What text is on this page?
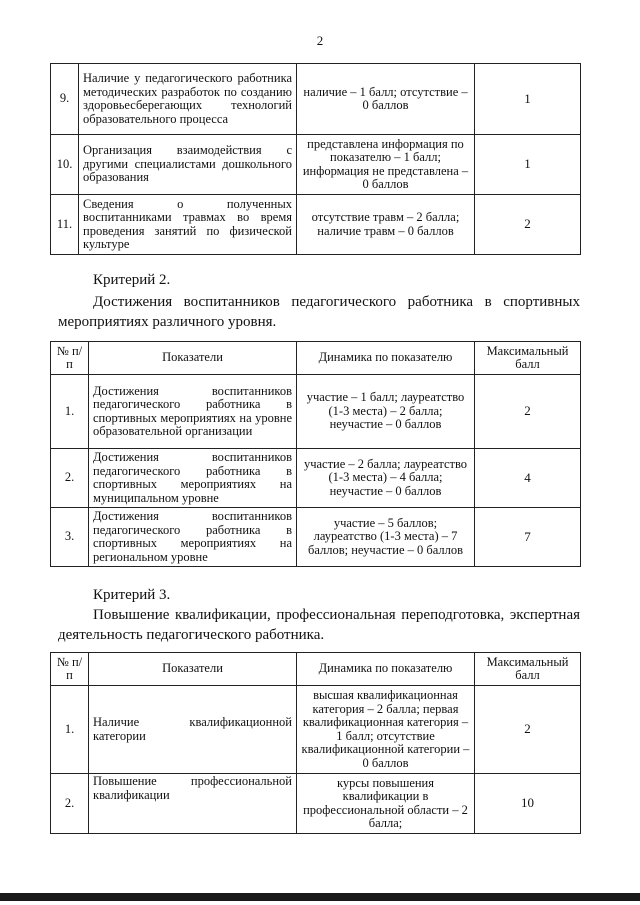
2
9.	Наличие у педагогического работника методических разработок по созданию здоровьесберегающих технологий образовательного процесса	наличие – 1 балл; отсутствие – 0 баллов	1
10.	Организация взаимодействия с другими специалистами дошкольного образования	представлена информация по показателю – 1 балл; информация не представлена – 0 баллов	1
11.	Сведения о полученных воспитанниками травмах во время проведения занятий по физической культуре	отсутствие травм – 2 балла; наличие травм – 0 баллов	2
Критерий 2.
Достижения воспитанников педагогического работника в спортивных мероприятиях различного уровня.
№ п/п	Показатели	Динамика по показателю	Максимальный балл
1.	Достижения воспитанников педагогического работника в спортивных мероприятиях на уровне образовательной организации	участие – 1 балл; лауреатство (1-3 места) – 2 балла; неучастие – 0 баллов	2
2.	Достижения воспитанников педагогического работника в спортивных мероприятиях на муниципальном уровне	участие – 2 балла; лауреатство (1-3 места) – 4 балла; неучастие – 0 баллов	4
3.	Достижения воспитанников педагогического работника в спортивных мероприятиях на региональном уровне	участие – 5 баллов; лауреатство (1-3 места) – 7 баллов; неучастие – 0 баллов	7
Критерий 3.
Повышение квалификации, профессиональная переподготовка, экспертная деятельность педагогического работника.
№ п/п	Показатели	Динамика по показателю	Максимальный балл
1.	Наличие квалификационной категории	высшая квалификационная категория – 2 балла; первая квалификационная категория – 1 балл; отсутствие квалификационной категории – 0 баллов	2
2.	Повышение профессиональной квалификации	курсы повышения квалификации в профессиональной области – 2 балла;	10
